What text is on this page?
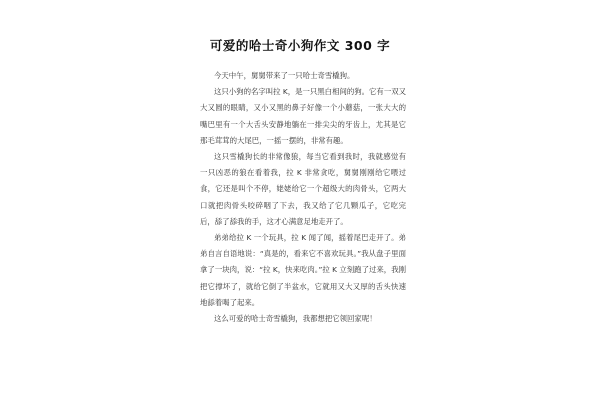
可爱的哈士奇小狗作文 300 字

今天中午，舅舅带来了一只哈士奇雪橇狗。

这只小狗的名字叫拉 K，是一只黑白相间的狗。它有一双又大又圆的眼睛，又小又黑的鼻子好像一个小蘑菇，一张大大的嘴巴里有一个大舌头安静地躺在一排尖尖的牙齿上，尤其是它那毛茸茸的大尾巴，一摇一摆的，非常有趣。

这只雪橇狗长的非常像狼，每当它看到我时，我就感觉有一只凶恶的狼在看着我，拉 K 非常贪吃，舅舅刚刚给它喂过食，它还是叫个不停，姥姥给它一个超级大的肉骨头，它两大口就把肉骨头咬碎咽了下去，我又给了它几颗瓜子，它吃完后，舔了舔我的手，这才心满意足地走开了。

弟弟给拉 K 一个玩具，拉 K 闻了闻，摇着尾巴走开了。弟弟自言自语地说：“真是的，看来它不喜欢玩具。”我从盘子里面拿了一块肉，说：“拉 K，快来吃肉。”拉 K 立刻跑了过来，我刚把它撑坏了，就给它倒了半盆水，它就用又大又厚的舌头快速地舔着喝了起来。

这么可爱的哈士奇雪橇狗，我都想把它领回家呢！
